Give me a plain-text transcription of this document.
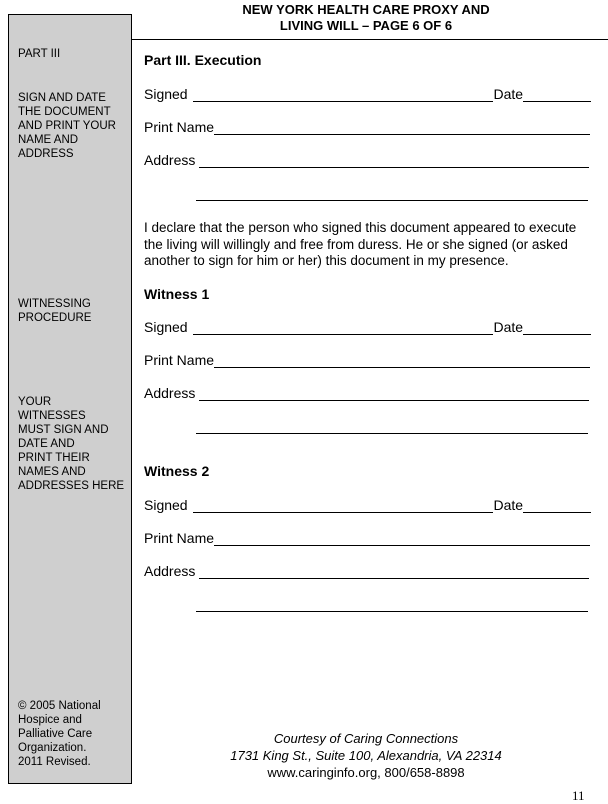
PART III
SIGN AND DATE
THE DOCUMENT
AND PRINT YOUR
NAME AND
ADDRESS
WITNESSING
PROCEDURE
YOUR
WITNESSES
MUST SIGN AND
DATE AND
PRINT THEIR
NAMES AND
ADDRESSES HERE
© 2005 National
Hospice and
Palliative Care
Organization.
2011 Revised.
NEW YORK HEALTH CARE PROXY AND
LIVING WILL – PAGE 6 OF 6
Part III. Execution
Signed	Date
Print Name
Address
I declare that the person who signed this document appeared to execute the living will willingly and free from duress. He or she signed (or asked another to sign for him or her) this document in my presence.
Witness 1
Signed	Date
Print Name
Address
Witness 2
Signed	Date
Print Name
Address
Courtesy of Caring Connections
1731 King St., Suite 100, Alexandria, VA 22314
www.caringinfo.org, 800/658-8898
11
